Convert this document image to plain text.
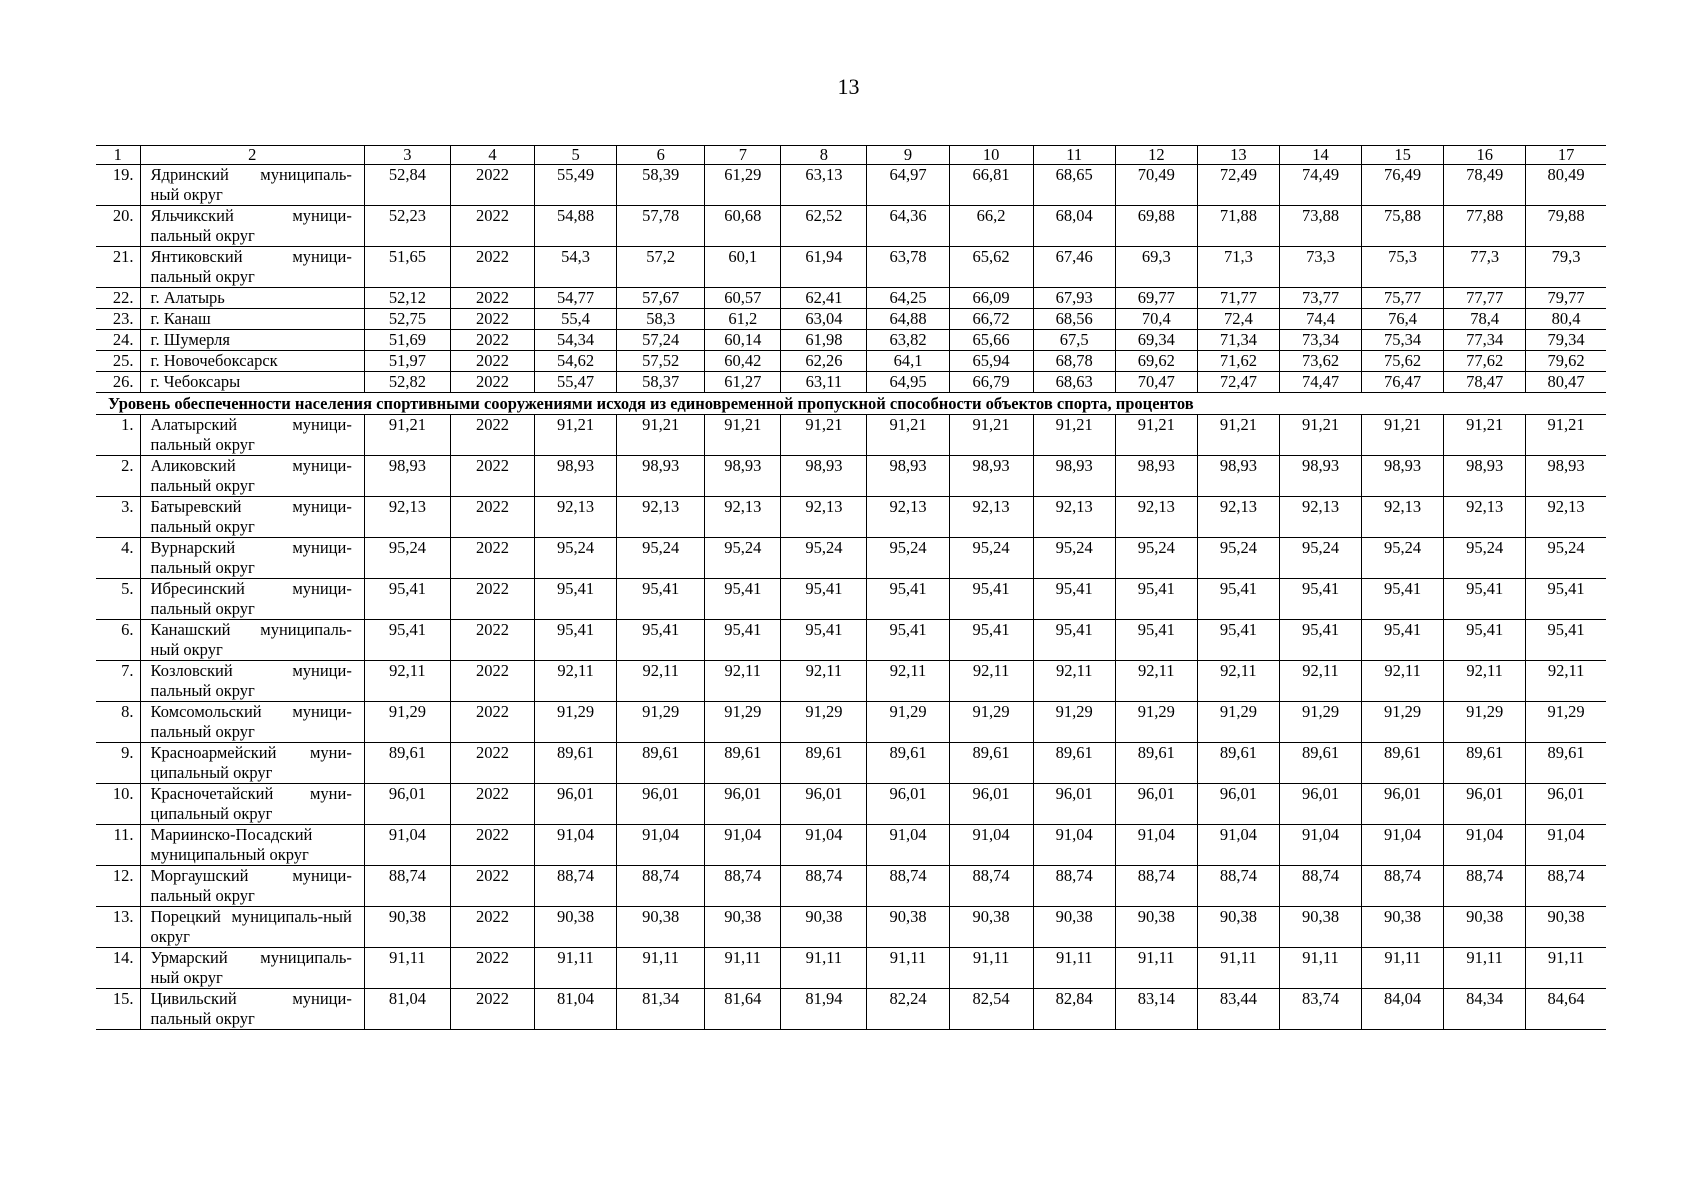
13
1	2	3	4	5	6	7	8	9	10	11	12	13	14	15	16	17
19.	Ядринский муниципаль-ный округ	52,84	2022	55,49	58,39	61,29	63,13	64,97	66,81	68,65	70,49	72,49	74,49	76,49	78,49	80,49
20.	Яльчикский муници-пальный округ	52,23	2022	54,88	57,78	60,68	62,52	64,36	66,2	68,04	69,88	71,88	73,88	75,88	77,88	79,88
21.	Янтиковский муници-пальный округ	51,65	2022	54,3	57,2	60,1	61,94	63,78	65,62	67,46	69,3	71,3	73,3	75,3	77,3	79,3
22.	г. Алатырь	52,12	2022	54,77	57,67	60,57	62,41	64,25	66,09	67,93	69,77	71,77	73,77	75,77	77,77	79,77
23.	г. Канаш	52,75	2022	55,4	58,3	61,2	63,04	64,88	66,72	68,56	70,4	72,4	74,4	76,4	78,4	80,4
24.	г. Шумерля	51,69	2022	54,34	57,24	60,14	61,98	63,82	65,66	67,5	69,34	71,34	73,34	75,34	77,34	79,34
25.	г. Новочебоксарск	51,97	2022	54,62	57,52	60,42	62,26	64,1	65,94	68,78	69,62	71,62	73,62	75,62	77,62	79,62
26.	г. Чебоксары	52,82	2022	55,47	58,37	61,27	63,11	64,95	66,79	68,63	70,47	72,47	74,47	76,47	78,47	80,47
Уровень обеспеченности населения спортивными сооружениями исходя из единовременной пропускной способности объектов спорта, процентов																
1.	Алатырский муници-пальный округ	91,21	2022	91,21	91,21	91,21	91,21	91,21	91,21	91,21	91,21	91,21	91,21	91,21	91,21	91,21
2.	Аликовский муници-пальный округ	98,93	2022	98,93	98,93	98,93	98,93	98,93	98,93	98,93	98,93	98,93	98,93	98,93	98,93	98,93
3.	Батыревский муници-пальный округ	92,13	2022	92,13	92,13	92,13	92,13	92,13	92,13	92,13	92,13	92,13	92,13	92,13	92,13	92,13
4.	Вурнарский муници-пальный округ	95,24	2022	95,24	95,24	95,24	95,24	95,24	95,24	95,24	95,24	95,24	95,24	95,24	95,24	95,24
5.	Ибресинский муници-пальный округ	95,41	2022	95,41	95,41	95,41	95,41	95,41	95,41	95,41	95,41	95,41	95,41	95,41	95,41	95,41
6.	Канашский муниципаль-ный округ	95,41	2022	95,41	95,41	95,41	95,41	95,41	95,41	95,41	95,41	95,41	95,41	95,41	95,41	95,41
7.	Козловский муници-пальный округ	92,11	2022	92,11	92,11	92,11	92,11	92,11	92,11	92,11	92,11	92,11	92,11	92,11	92,11	92,11
8.	Комсомольский муници-пальный округ	91,29	2022	91,29	91,29	91,29	91,29	91,29	91,29	91,29	91,29	91,29	91,29	91,29	91,29	91,29
9.	Красноармейский муни-ципальный округ	89,61	2022	89,61	89,61	89,61	89,61	89,61	89,61	89,61	89,61	89,61	89,61	89,61	89,61	89,61
10.	Красночетайский муни-ципальный округ	96,01	2022	96,01	96,01	96,01	96,01	96,01	96,01	96,01	96,01	96,01	96,01	96,01	96,01	96,01
11.	Мариинско-Посадский муниципальный округ	91,04	2022	91,04	91,04	91,04	91,04	91,04	91,04	91,04	91,04	91,04	91,04	91,04	91,04	91,04
12.	Моргаушский муници-пальный округ	88,74	2022	88,74	88,74	88,74	88,74	88,74	88,74	88,74	88,74	88,74	88,74	88,74	88,74	88,74
13.	Порецкий муниципаль-ный округ	90,38	2022	90,38	90,38	90,38	90,38	90,38	90,38	90,38	90,38	90,38	90,38	90,38	90,38	90,38
14.	Урмарский муниципаль-ный округ	91,11	2022	91,11	91,11	91,11	91,11	91,11	91,11	91,11	91,11	91,11	91,11	91,11	91,11	91,11
15.	Цивильский муници-пальный округ	81,04	2022	81,04	81,34	81,64	81,94	82,24	82,54	82,84	83,14	83,44	83,74	84,04	84,34	84,64
